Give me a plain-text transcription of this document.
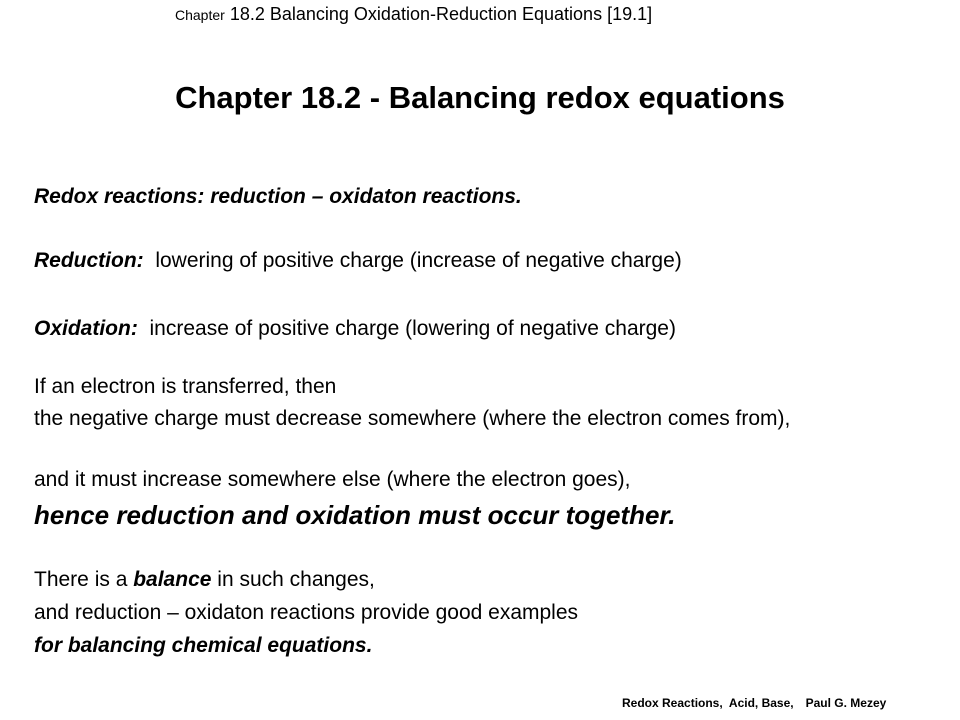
Chapter 18.2 Balancing Oxidation-Reduction Equations [19.1]
Chapter 18.2 - Balancing redox equations
Redox reactions: reduction – oxidaton reactions.
Reduction:  lowering of positive charge (increase of negative charge)
Oxidation:  increase of positive charge (lowering of negative charge)
If an electron is transferred, then
the negative charge must decrease somewhere (where the electron comes from),
and it must increase somewhere else (where the electron goes),
hence reduction and oxidation must occur together.
There is a balance in such changes,
and reduction – oxidaton reactions provide good examples
for balancing chemical equations.
Redox Reactions,  Acid, Base, Paul G. Mezey
